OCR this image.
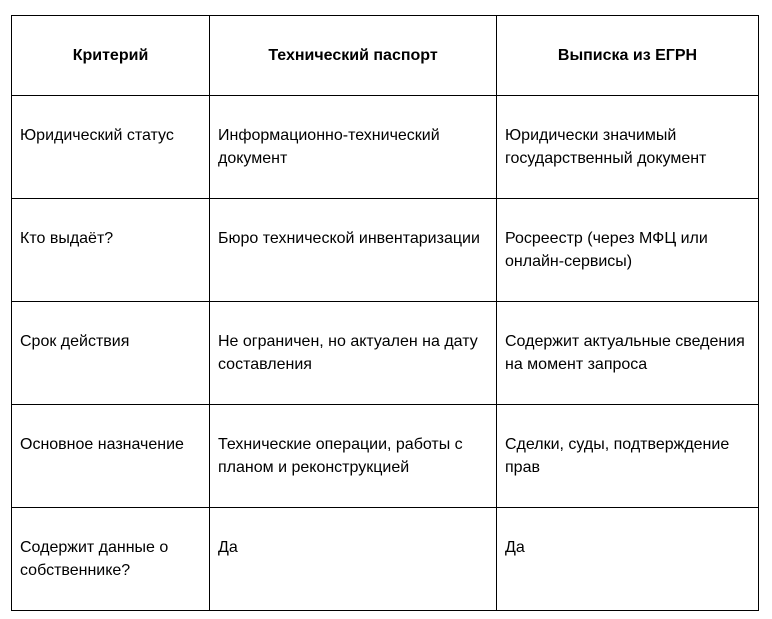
Критерий	Технический паспорт	Выписка из ЕГРН
Юридический статус	Информационно-технический документ	Юридически значимый государственный документ
Кто выдаёт?	Бюро технической инвентаризации	Росреестр (через МФЦ или онлайн-сервисы)
Срок действия	Не ограничен, но актуален на дату составления	Содержит актуальные сведения на момент запроса
Основное назначение	Технические операции, работы с планом и реконструкцией	Сделки, суды, подтверждение прав
Содержит данные о собственнике?	Да	Да
